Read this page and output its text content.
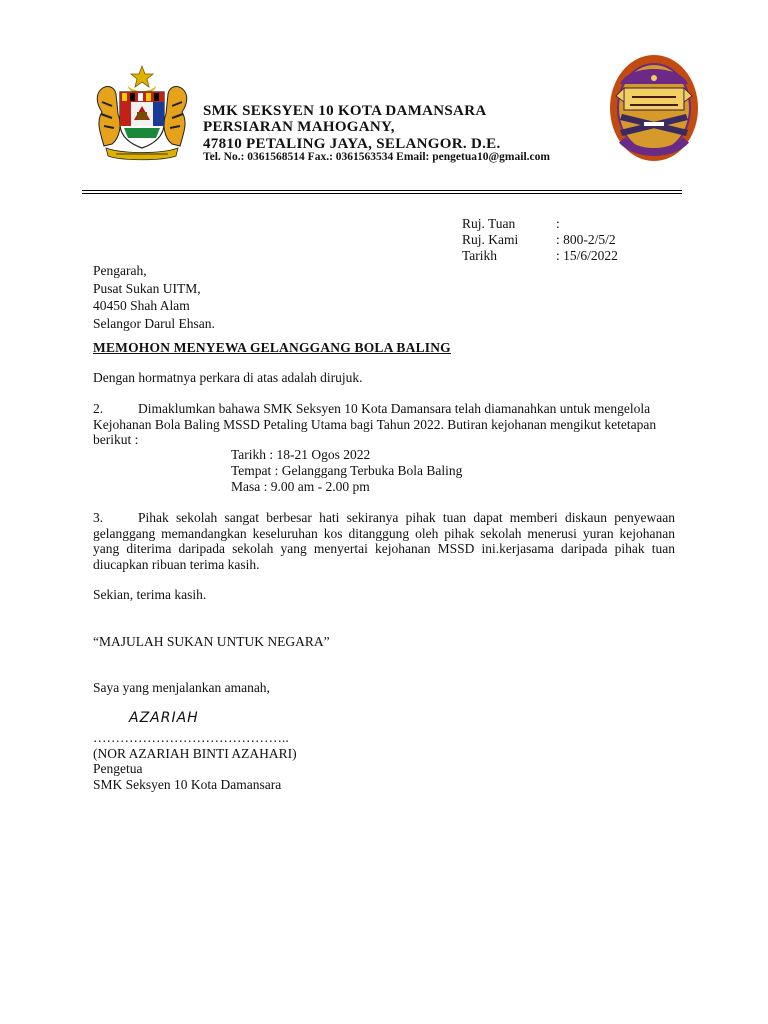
SMK SEKSYEN 10 KOTA DAMANSARA
PERSIARAN MAHOGANY,
47810 PETALING JAYA, SELANGOR. D.E.
Tel. No.: 0361568514 Fax.: 0361563534 Email: pengetua10@gmail.com
Ruj. Tuan	:
Ruj. Kami	: 800-2/5/2
Tarikh	: 15/6/2022
Pengarah,
Pusat Sukan UITM,
40450 Shah Alam
Selangor Darul Ehsan.
MEMOHON MENYEWA GELANGGANG BOLA BALING
Dengan hormatnya perkara di atas adalah dirujuk.
2.	Dimaklumkan bahawa SMK Seksyen 10 Kota Damansara telah diamanahkan untuk mengelola
Kejohanan Bola Baling MSSD Petaling Utama bagi Tahun 2022. Butiran kejohanan mengikut ketetapan berikut :
Tarikh : 18-21 Ogos 2022
Tempat : Gelanggang Terbuka Bola Baling
Masa : 9.00 am - 2.00 pm
3.	Pihak sekolah sangat berbesar hati sekiranya pihak tuan dapat memberi diskaun penyewaan gelanggang memandangkan keseluruhan kos ditanggung oleh pihak sekolah menerusi yuran kejohanan yang diterima daripada sekolah yang menyertai kejohanan MSSD ini.kerjasama daripada pihak tuan diucapkan ribuan terima kasih.
Sekian, terima kasih.
“MAJULAH SUKAN UNTUK NEGARA”
Saya yang menjalankan amanah,
AZARIAH
……………………………………..
(NOR AZARIAH BINTI AZAHARI)
Pengetua
SMK Seksyen 10 Kota Damansara
